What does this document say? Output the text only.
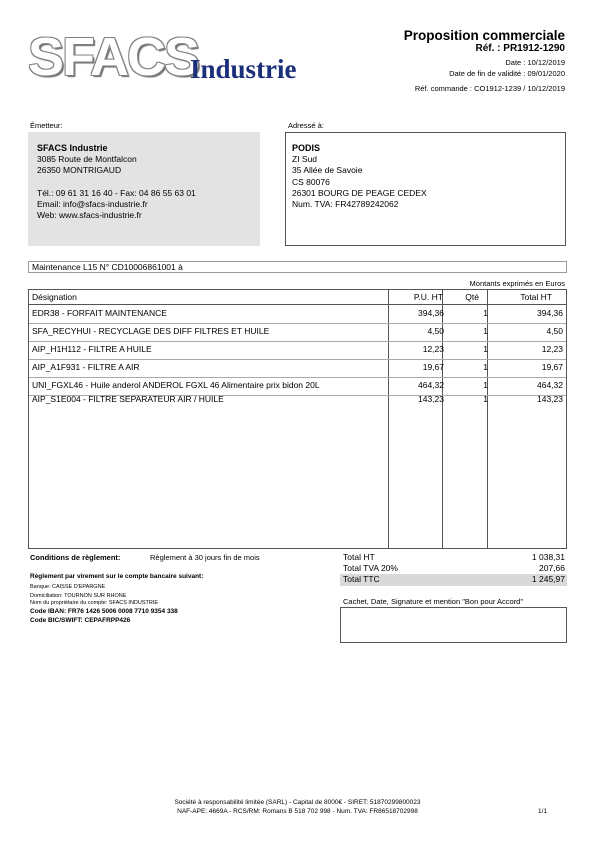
SFACS
Industrie
Proposition commerciale
Réf. : PR1912-1290
Date : 10/12/2019
Date de fin de validité : 09/01/2020
Réf. commande : CO1912-1239 / 10/12/2019
Émetteur:
SFACS Industrie
3085 Route de Montfalcon
26350 MONTRIGAUD
Tél.: 09 61 31 16 40 - Fax: 04 86 55 63 01
Email: info@sfacs-industrie.fr
Web: www.sfacs-industrie.fr
Adressé à:
PODIS
ZI Sud
35 Allée de Savoie
CS 80076
26301 BOURG DE PEAGE CEDEX
Num. TVA: FR42789242062
Maintenance L15 N° CD10006861001 à
Montants exprimés en Euros
Désignation	P.U. HT	Qté	Total HT
EDR38 - FORFAIT MAINTENANCE	394,36	1	394,36
SFA_RECYHUI - RECYCLAGE DES DIFF FILTRES ET HUILE	4,50	1	4,50
AIP_H1H112 - FILTRE A HUILE	12,23	1	12,23
AIP_A1F931 - FILTRE A AIR	19,67	1	19,67
UNI_FGXL46 - Huile anderol ANDEROL FGXL 46 Alimentaire prix bidon 20L	464,32	1	464,32
AIP_S1E004 - FILTRE SEPARATEUR AIR / HUILE	143,23	1	143,23
Conditions de règlement:	Règlement à 30 jours fin de mois
Règlement par virement sur le compte bancaire suivant:
Banque: CAISSE D'EPARGNE
Domiciliation: TOURNON SUR RHONE
Nom du propriétaire du compte: SFACS INDUSTRIE
Code IBAN: FR76 1426 5006 0008 7710 9354 338
Code BIC/SWIFT: CEPAFRPP426
Total HT	1 038,31
Total TVA 20%	207,66
Total TTC	1 245,97
Cachet, Date, Signature et mention "Bon pour Accord"
Société à responsabilité limitée (SARL) - Capital de 8000€ - SIRET: 51870299800023
NAF-APE: 4669A - RCS/RM: Romans B 518 702 998 - Num. TVA: FR86518702998	1/1
